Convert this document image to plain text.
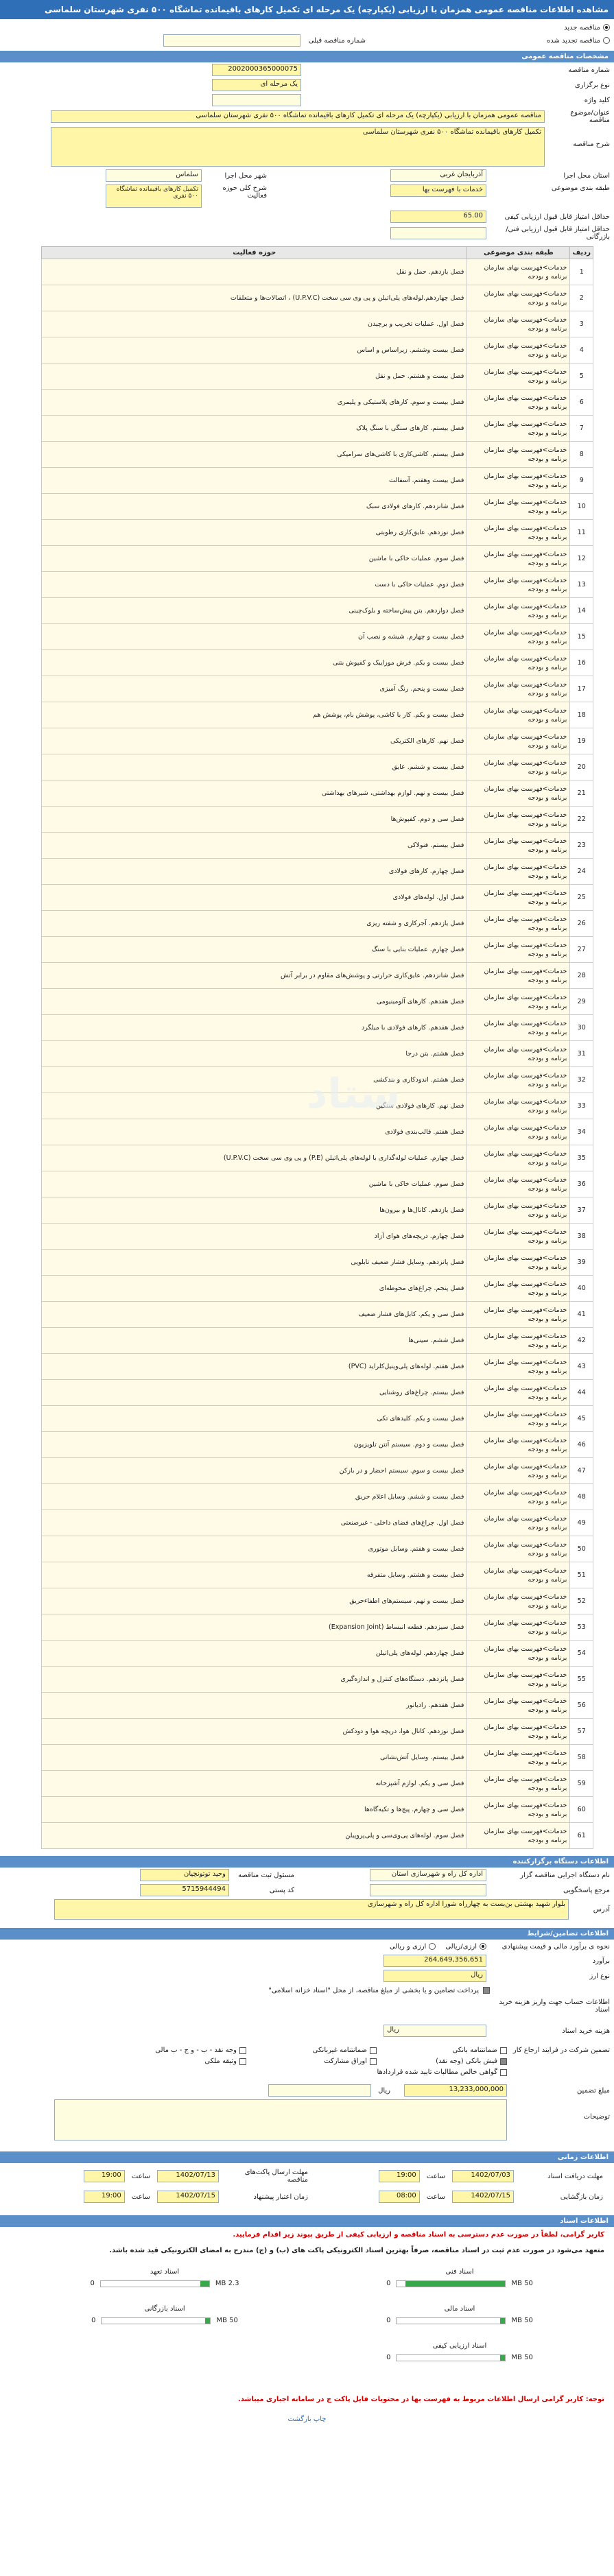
مشاهده اطلاعات مناقصه عمومی همزمان با ارزیابی (یکپارچه) یک مرحله ای تکمیل کارهای باقیمانده تماشگاه ۵۰۰ نفری شهرستان سلماسی
مناقصه جدید
مناقصه تجدید شده
شماره مناقصه قبلی
مشخصات مناقصه عمومی
شماره مناقصه
2002000365000075
نوع برگزاری
یک مرحله ای
کلید واژه
عنوان/موضوع مناقصه
مناقصه عمومی همزمان با ارزیابی (یکپارچه) یک مرحله ای تکمیل کارهای باقیمانده تماشگاه ۵۰۰ نفری شهرستان سلماسی
شرح مناقصه
تکمیل کارهای باقیمانده تماشگاه ۵۰۰ نفری شهرستان سلماسی
استان محل اجرا
آذربایجان غربی
شهر محل اجرا
سلماس
طبقه بندی موضوعی
خدمات با فهرست بها
شرح کلی حوزه فعالیت
تکمیل کارهای باقیمانده تماشگاه ۵۰۰ نفری
حداقل امتیاز قابل قبول ارزیابی کیفی
65.00
حداقل امتیاز قابل قبول ارزیابی فنی/بازرگانی
ردیف	طبقه بندی موضوعی	حوزه فعالیت
1	خدمات>فهرست بهای سازمان برنامه و بودجه	فصل یازدهم. حمل و نقل
2	خدمات>فهرست بهای سازمان برنامه و بودجه	فصل چهاردهم.لوله‌های پلی‌اتیلن و پی وی سی سخت (U.P.V.C) ، اتصالات‌ها و متعلقات
3	خدمات>فهرست بهای سازمان برنامه و بودجه	فصل اول. عملیات تخریب و برچیدن
4	خدمات>فهرست بهای سازمان برنامه و بودجه	فصل بیست وششم. زیراساس و اساس
5	خدمات>فهرست بهای سازمان برنامه و بودجه	فصل بیست و هشتم. حمل و نقل
6	خدمات>فهرست بهای سازمان برنامه و بودجه	فصل بیست و سوم. کارهای پلاستیکی و پلیمری
7	خدمات>فهرست بهای سازمان برنامه و بودجه	فصل بیستم. کارهای سنگی با سنگ پلاک
8	خدمات>فهرست بهای سازمان برنامه و بودجه	فصل بیستم. کاشی‌کاری با کاشی‌های سرامیکی
9	خدمات>فهرست بهای سازمان برنامه و بودجه	فصل بیست وهفتم. آسفالت
10	خدمات>فهرست بهای سازمان برنامه و بودجه	فصل شانزدهم. کارهای فولادی سبک
11	خدمات>فهرست بهای سازمان برنامه و بودجه	فصل نوزدهم. عایق‌کاری رطوبتی
12	خدمات>فهرست بهای سازمان برنامه و بودجه	فصل سوم. عملیات خاکی با ماشین
13	خدمات>فهرست بهای سازمان برنامه و بودجه	فصل دوم. عملیات خاکی با دست
14	خدمات>فهرست بهای سازمان برنامه و بودجه	فصل دوازدهم. بتن پیش‌ساخته و بلوک‌چینی
15	خدمات>فهرست بهای سازمان برنامه و بودجه	فصل بیست و چهارم. شیشه و نصب آن
16	خدمات>فهرست بهای سازمان برنامه و بودجه	فصل بیست و یکم. فرش موزاییک و کفپوش بتنی
17	خدمات>فهرست بهای سازمان برنامه و بودجه	فصل بیست و پنجم. رنگ آمیزی
18	خدمات>فهرست بهای سازمان برنامه و بودجه	فصل بیست و یکم. کار با کاشی، پوشش بام، پوشش هم
19	خدمات>فهرست بهای سازمان برنامه و بودجه	فصل نهم. کارهای الکتریکی
20	خدمات>فهرست بهای سازمان برنامه و بودجه	فصل بیست و ششم. عایق
21	خدمات>فهرست بهای سازمان برنامه و بودجه	فصل بیست و نهم. لوازم بهداشتی، شیرهای بهداشتی
22	خدمات>فهرست بهای سازمان برنامه و بودجه	فصل سی و دوم. کفپوش‌ها
23	خدمات>فهرست بهای سازمان برنامه و بودجه	فصل بیستم. فنولاکی
24	خدمات>فهرست بهای سازمان برنامه و بودجه	فصل چهارم. کارهای فولادی
25	خدمات>فهرست بهای سازمان برنامه و بودجه	فصل اول. لوله‌های فولادی
26	خدمات>فهرست بهای سازمان برنامه و بودجه	فصل یازدهم. آجرکاری و شفته ریزی
27	خدمات>فهرست بهای سازمان برنامه و بودجه	فصل چهارم. عملیات بنایی با سنگ
28	خدمات>فهرست بهای سازمان برنامه و بودجه	فصل شانزدهم. عایق‌کاری حرارتی و پوشش‌های مقاوم در برابر آتش
29	خدمات>فهرست بهای سازمان برنامه و بودجه	فصل هفدهم. کارهای آلومینیومی
30	خدمات>فهرست بهای سازمان برنامه و بودجه	فصل هفدهم. کارهای فولادی با میلگرد
31	خدمات>فهرست بهای سازمان برنامه و بودجه	فصل هشتم. بتن درجا
32	خدمات>فهرست بهای سازمان برنامه و بودجه	فصل هشتم. اندودکاری و بندکشی
33	خدمات>فهرست بهای سازمان برنامه و بودجه	فصل نهم. کارهای فولادی سنگین
34	خدمات>فهرست بهای سازمان برنامه و بودجه	فصل هفتم. قالب‌بندی فولادی
35	خدمات>فهرست بهای سازمان برنامه و بودجه	فصل چهارم. عملیات لوله‌گذاری با لوله‌های پلی‌اتیلن (P.E) و پی وی سی سخت (U.P.V.C)
36	خدمات>فهرست بهای سازمان برنامه و بودجه	فصل سوم. عملیات خاکی با ماشین
37	خدمات>فهرست بهای سازمان برنامه و بودجه	فصل یازدهم. کانال‌ها و بیرون‌ها
38	خدمات>فهرست بهای سازمان برنامه و بودجه	فصل چهارم. دریچه‌های هوای آزاد
39	خدمات>فهرست بهای سازمان برنامه و بودجه	فصل پانزدهم. وسایل فشار ضعیف تابلویی
40	خدمات>فهرست بهای سازمان برنامه و بودجه	فصل پنجم. چراغ‌های محوطه‌ای
41	خدمات>فهرست بهای سازمان برنامه و بودجه	فصل سی و یکم. کابل‌های فشار ضعیف
42	خدمات>فهرست بهای سازمان برنامه و بودجه	فصل ششم. سینی‌ها
43	خدمات>فهرست بهای سازمان برنامه و بودجه	فصل هفتم. لوله‌های پلی‌وینیل‌کلراید (PVC)
44	خدمات>فهرست بهای سازمان برنامه و بودجه	فصل بیستم. چراغ‌های روشنایی
45	خدمات>فهرست بهای سازمان برنامه و بودجه	فصل بیست و یکم. کلیدهای تکی
46	خدمات>فهرست بهای سازمان برنامه و بودجه	فصل بیست و دوم. سیستم آنتن تلویزیون
47	خدمات>فهرست بهای سازمان برنامه و بودجه	فصل بیست و سوم. سیستم احضار و در بازکن
48	خدمات>فهرست بهای سازمان برنامه و بودجه	فصل بیست و ششم. وسایل اعلام حریق
49	خدمات>فهرست بهای سازمان برنامه و بودجه	فصل اول. چراغ‌های فضای داخلی - غیرصنعتی
50	خدمات>فهرست بهای سازمان برنامه و بودجه	فصل بیست و هفتم. وسایل موتوری
51	خدمات>فهرست بهای سازمان برنامه و بودجه	فصل بیست و هشتم. وسایل متفرقه
52	خدمات>فهرست بهای سازمان برنامه و بودجه	فصل بیست و نهم. سیستم‌های اطفاءحریق
53	خدمات>فهرست بهای سازمان برنامه و بودجه	فصل سیزدهم. قطعه انبساط (Expansion Joint)
54	خدمات>فهرست بهای سازمان برنامه و بودجه	فصل چهاردهم. لوله‌های پلی‌اتیلن
55	خدمات>فهرست بهای سازمان برنامه و بودجه	فصل پانزدهم. دستگاه‌های کنترل و اندازه‌گیری
56	خدمات>فهرست بهای سازمان برنامه و بودجه	فصل هفدهم. رادیاتور
57	خدمات>فهرست بهای سازمان برنامه و بودجه	فصل نوزدهم. کانال هوا، دریچه هوا و دودکش
58	خدمات>فهرست بهای سازمان برنامه و بودجه	فصل بیستم. وسایل آتش‌نشانی
59	خدمات>فهرست بهای سازمان برنامه و بودجه	فصل سی و یکم. لوازم آشپزخانه
60	خدمات>فهرست بهای سازمان برنامه و بودجه	فصل سی و چهارم. پیچ‌ها و تکیه‌گاه‌ها
61	خدمات>فهرست بهای سازمان برنامه و بودجه	فصل سوم. لوله‌های پی‌وی‌سی و پلی‌پروپیلن
اطلاعات دستگاه برگزارکننده
نام دستگاه اجرایی مناقصه گزار
اداره کل راه و شهرسازی استان
مسئول ثبت مناقصه
وحید توتونچیان
مرجع پاسخگویی
کد پستی
5715944494
آدرس
بلوار شهید بهشتی بن‌بست به چهارراه شورا اداره کل راه و شهرسازی
اطلاعات تضامین/شرایط
نحوه ی برآورد مالی و قیمت پیشنهادی
ارزی/ریالی
ارزی و ریالی
برآورد
264,649,356,651
نوع ارز
ریال
پرداخت تضامین و یا بخشی از مبلغ مناقصه، از محل "اسناد خزانه اسلامی"
اطلاعات حساب جهت واریز هزینه خرید اسناد
هزینه خرید اسناد
ریال
تضمین شرکت در فرایند ارجاع کار
ضمانتنامه بانکی
ضمانتنامه غیربانکی
وجه نقد - ب - و ج - ب مالی
فیش بانکی (وجه نقد)
اوراق مشارکت
وثیقه ملکی
گواهی خالص مطالبات تایید شده قراردادها
مبلغ تضمین
13,233,000,000
ریال
توضیحات
اطلاعات زمانی
مهلت دریافت اسناد
1402/07/03
ساعت
19:00
مهلت ارسال پاکت‌های مناقصه
1402/07/13
ساعت
19:00
زمان بازگشایی
1402/07/15
ساعت
08:00
زمان اعتبار پیشنهاد
1402/07/15
ساعت
19:00
اطلاعات اسناد
کاربر گرامی، لطفاً در صورت عدم دسترسی به اسناد مناقصه و ارزیابی کیفی از طریق پیوند زیر اقدام فرمایید.
متعهد می‌شود در صورت عدم ثبت در اسناد مناقصه، صرفاً بهترین اسناد الکترونیکی پاکت های (ب) و (ج) مندرج به امضای الکترونیکی قید شده باشد.
اسناد فنی
50 MB
0
اسناد تعهد
2.3 MB
0
اسناد مالی
50 MB
0
اسناد بازرگانی
50 MB
0
اسناد ارزیابی کیفی
50 MB
0
توجه: کاربر گرامی ارسال اطلاعات مربوط به فهرست بها در محتویات فایل پاکت ج در سامانه اجباری میباشد.
چاپ بارگشت
ستاد
